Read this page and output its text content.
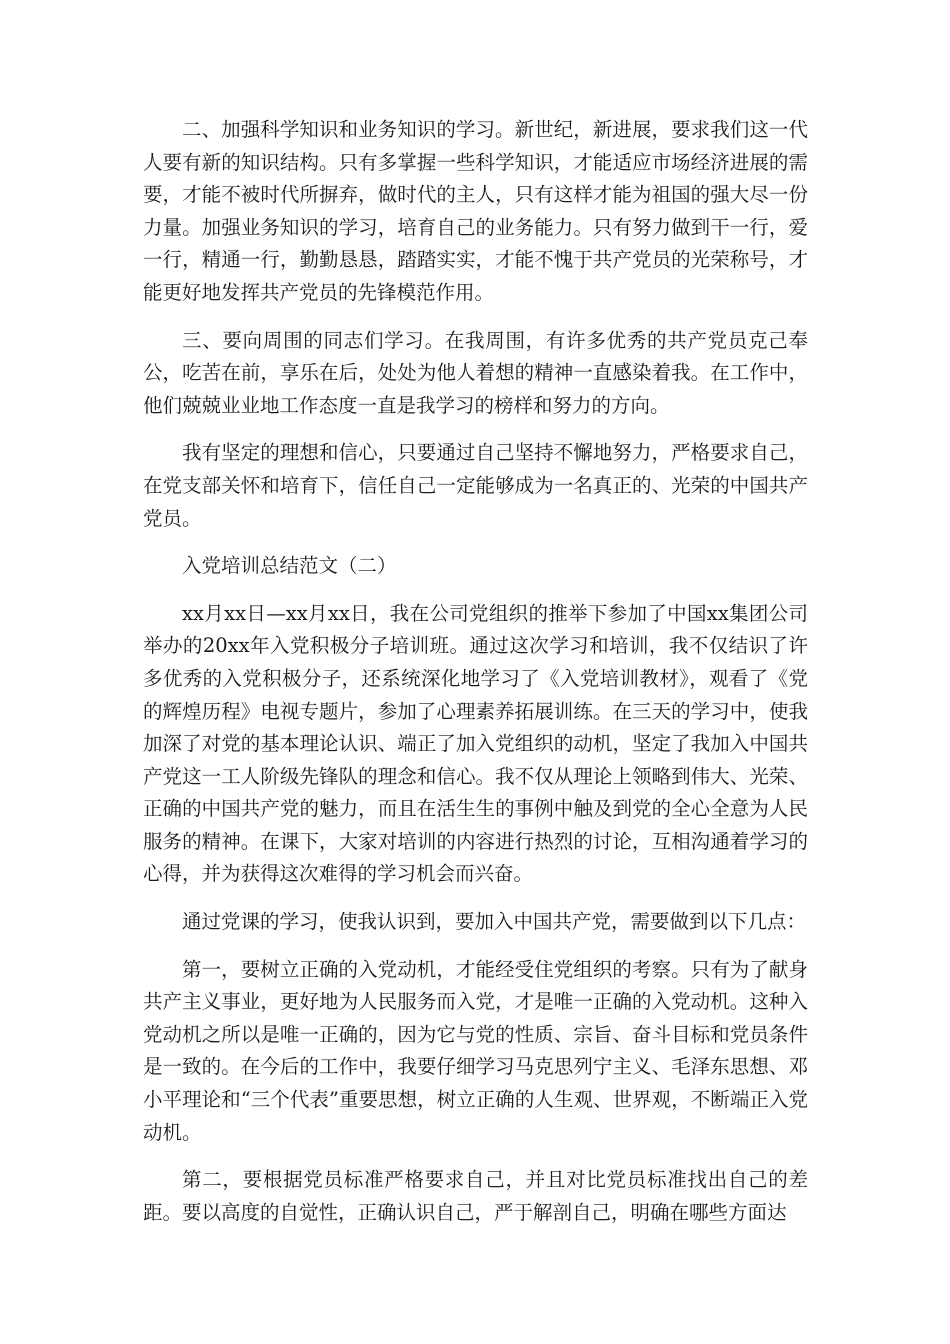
二、加强科学知识和业务知识的学习。新世纪，新进展，要求我们这一代人要有新的知识结构。只有多掌握一些科学知识，才能适应市场经济进展的需要，才能不被时代所摒弃，做时代的主人，只有这样才能为祖国的强大尽一份力量。加强业务知识的学习，培育自己的业务能力。只有努力做到干一行，爱一行，精通一行，勤勤恳恳，踏踏实实，才能不愧于共产党员的光荣称号，才能更好地发挥共产党员的先锋模范作用。

三、要向周围的同志们学习。在我周围，有许多优秀的共产党员克己奉公，吃苦在前，享乐在后，处处为他人着想的精神一直感染着我。在工作中，他们兢兢业业地工作态度一直是我学习的榜样和努力的方向。

我有坚定的理想和信心，只要通过自己坚持不懈地努力，严格要求自己，在党支部关怀和培育下，信任自己一定能够成为一名真正的、光荣的中国共产党员。

入党培训总结范文（二）

xx月xx日—xx月xx日，我在公司党组织的推举下参加了中国xx集团公司举办的20xx年入党积极分子培训班。通过这次学习和培训，我不仅结识了许多优秀的入党积极分子，还系统深化地学习了《入党培训教材》，观看了《党的辉煌历程》电视专题片，参加了心理素养拓展训练。在三天的学习中，使我加深了对党的基本理论认识、端正了加入党组织的动机，坚定了我加入中国共产党这一工人阶级先锋队的理念和信心。我不仅从理论上领略到伟大、光荣、正确的中国共产党的魅力，而且在活生生的事例中触及到党的全心全意为人民服务的精神。在课下，大家对培训的内容进行热烈的讨论，互相沟通着学习的心得，并为获得这次难得的学习机会而兴奋。

通过党课的学习，使我认识到，要加入中国共产党，需要做到以下几点：

第一，要树立正确的入党动机，才能经受住党组织的考察。只有为了献身共产主义事业，更好地为人民服务而入党，才是唯一正确的入党动机。这种入党动机之所以是唯一正确的，因为它与党的性质、宗旨、奋斗目标和党员条件是一致的。在今后的工作中，我要仔细学习马克思列宁主义、毛泽东思想、邓小平理论和“三个代表”重要思想，树立正确的人生观、世界观，不断端正入党动机。

第二，要根据党员标准严格要求自己，并且对比党员标准找出自己的差距。要以高度的自觉性，正确认识自己，严于解剖自己，明确在哪些方面达
